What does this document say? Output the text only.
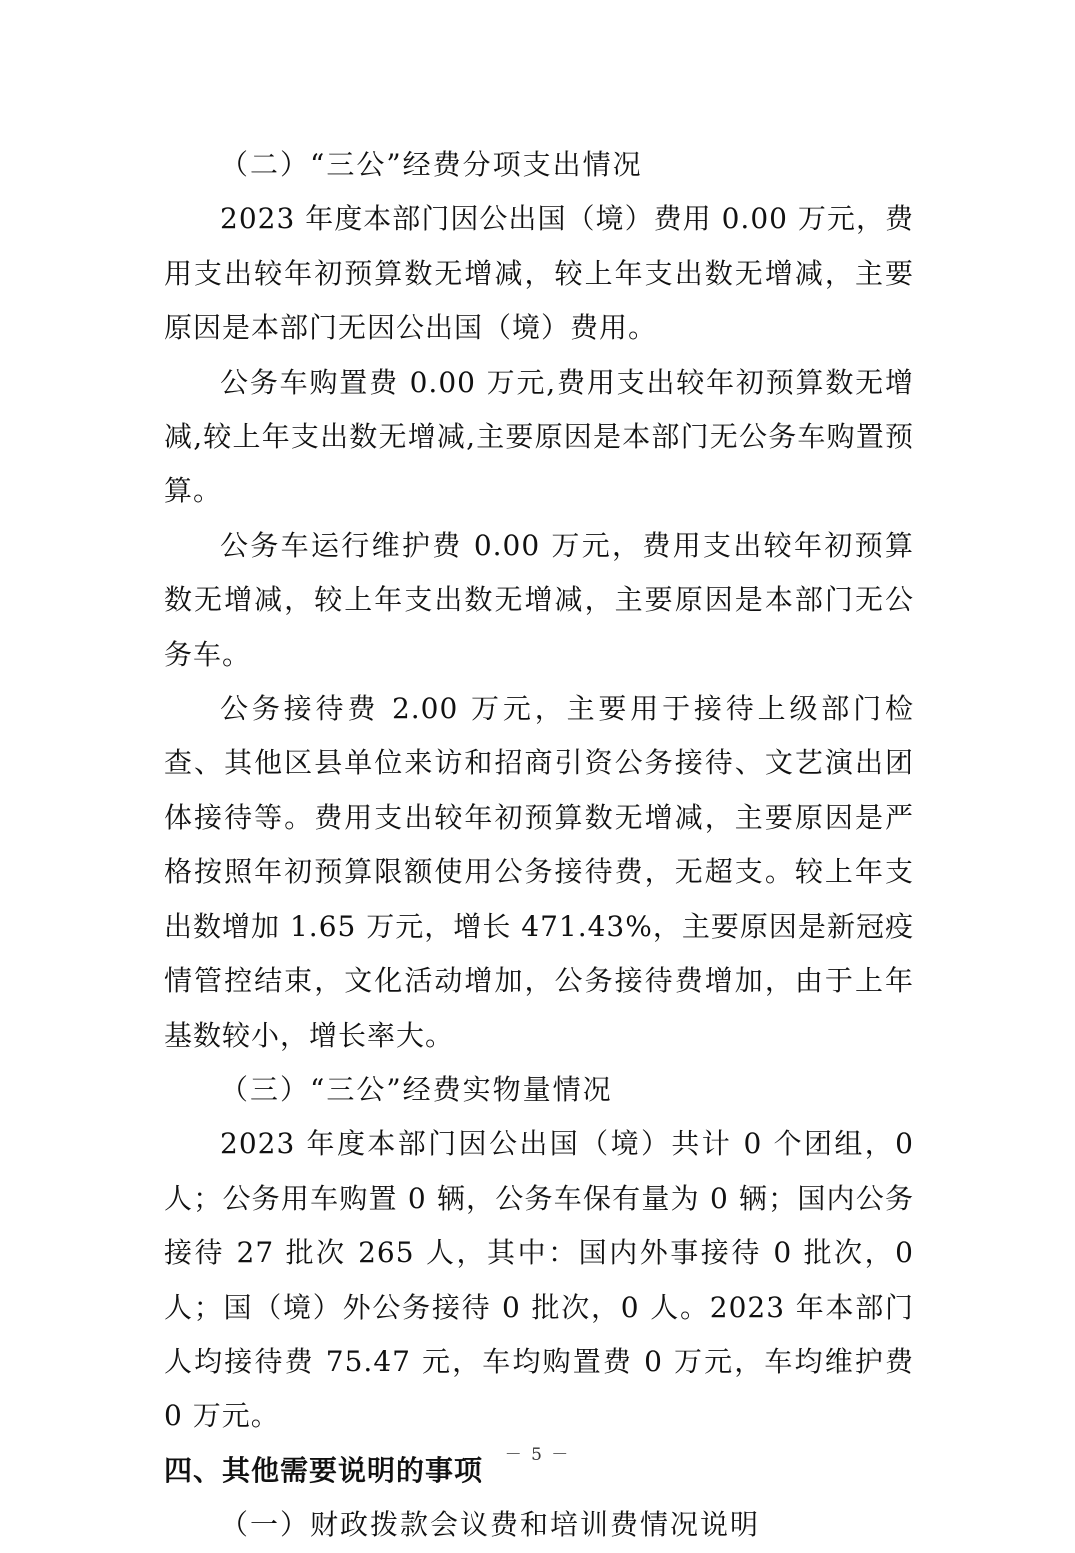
（二）“三公”经费分项支出情况

2023 年度本部门因公出国（境）费用 0.00 万元，费用支出较年初预算数无增减，较上年支出数无增减，主要原因是本部门无因公出国（境）费用。

公务车购置费 0.00 万元,费用支出较年初预算数无增减,较上年支出数无增减,主要原因是本部门无公务车购置预算。

公务车运行维护费 0.00 万元，费用支出较年初预算数无增减，较上年支出数无增减，主要原因是本部门无公务车。

公务接待费 2.00 万元，主要用于接待上级部门检查、其他区县单位来访和招商引资公务接待、文艺演出团体接待等。费用支出较年初预算数无增减，主要原因是严格按照年初预算限额使用公务接待费，无超支。较上年支出数增加 1.65 万元，增长 471.43%，主要原因是新冠疫情管控结束，文化活动增加，公务接待费增加，由于上年基数较小，增长率大。

（三）“三公”经费实物量情况

2023 年度本部门因公出国（境）共计 0 个团组，0 人；公务用车购置 0 辆，公务车保有量为 0 辆；国内公务接待 27 批次 265 人，其中：国内外事接待 0 批次，0 人；国（境）外公务接待 0 批次，0 人。2023 年本部门人均接待费 75.47 元，车均购置费 0 万元，车均维护费 0 万元。

四、其他需要说明的事项

（一）财政拨款会议费和培训费情况说明

－ 5 －
